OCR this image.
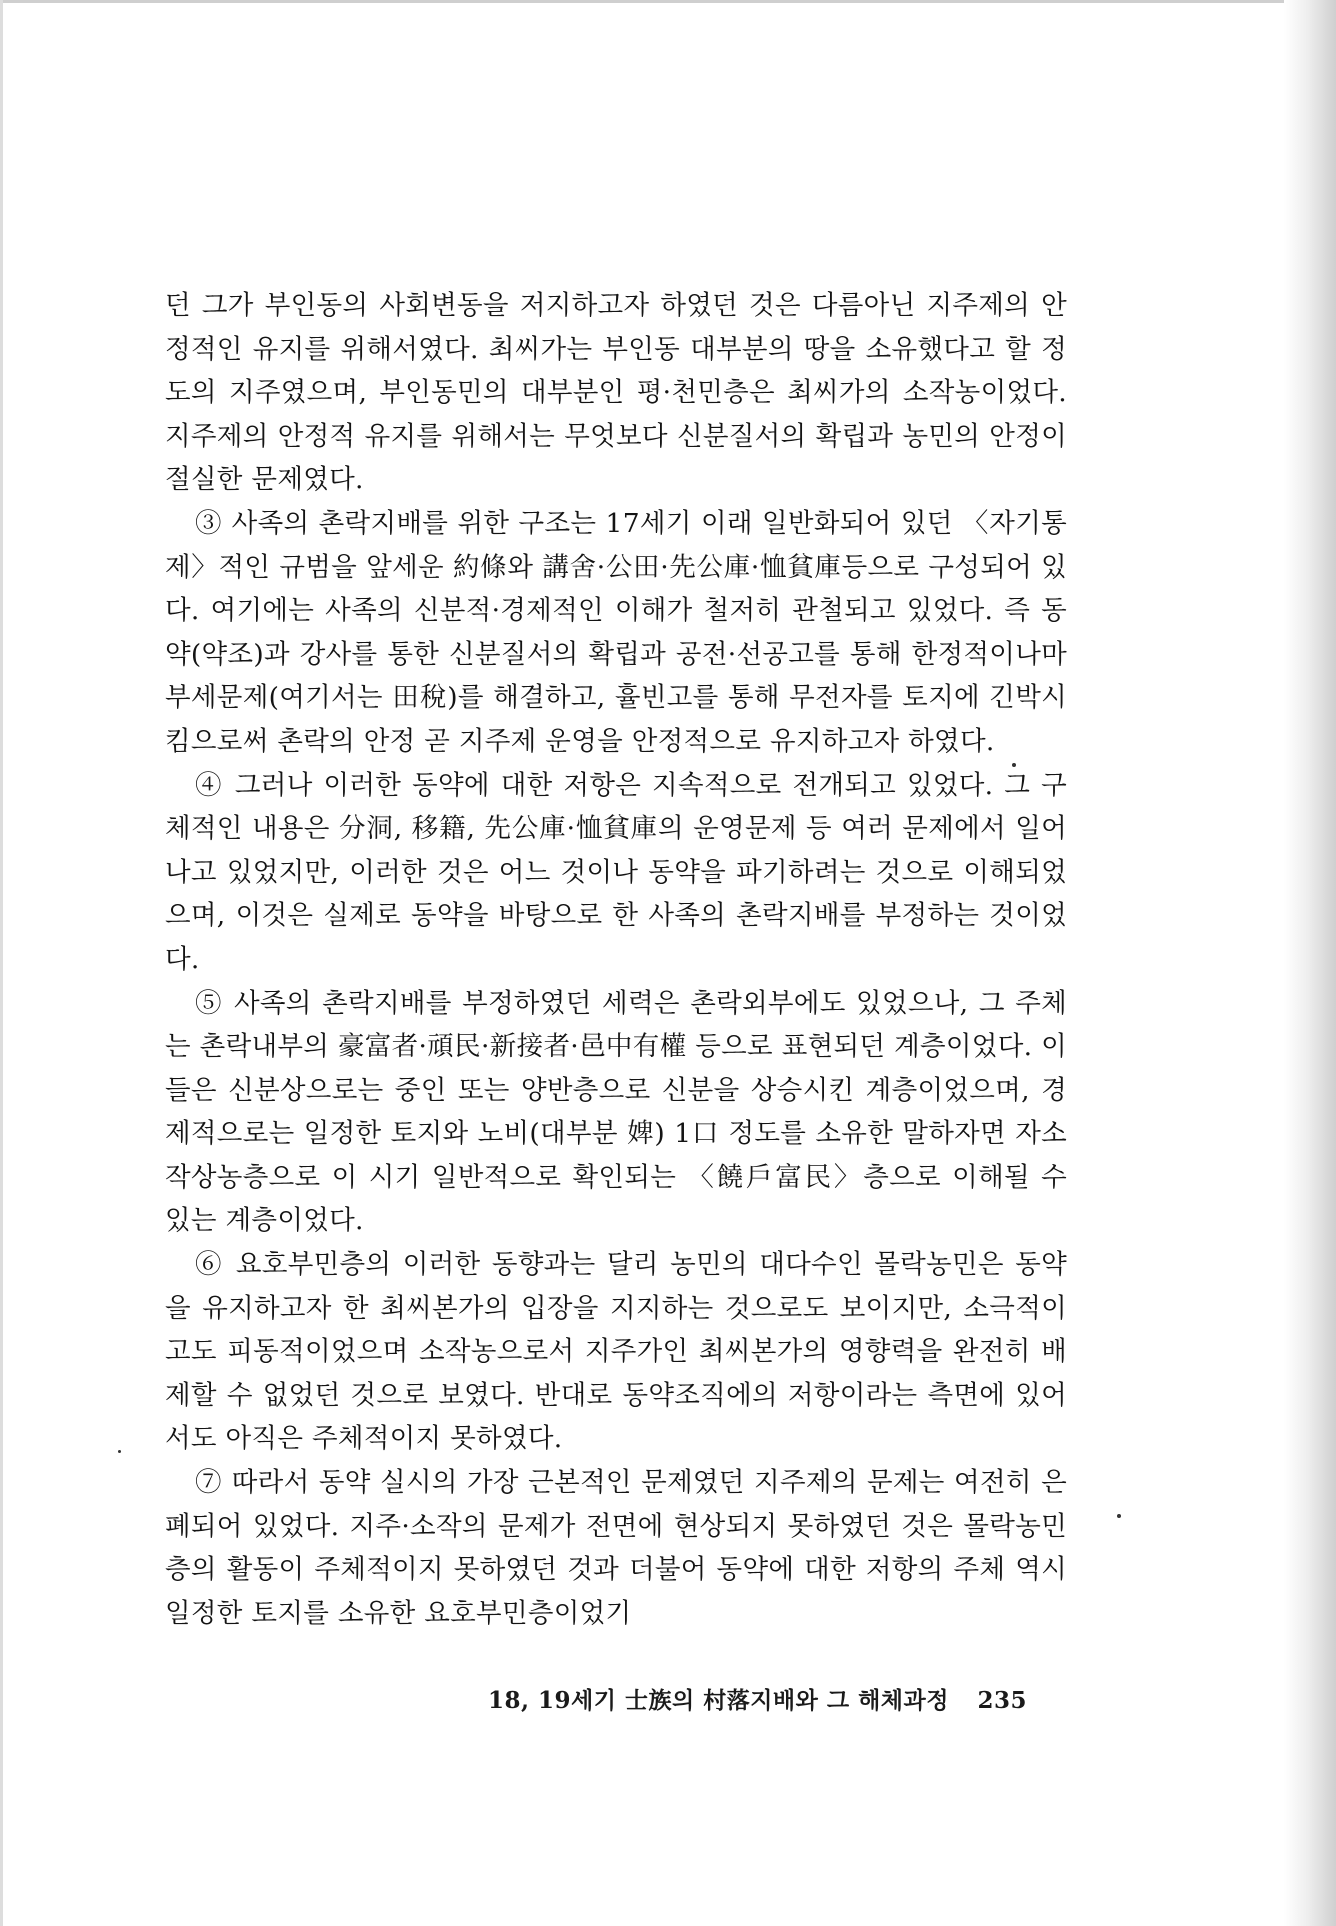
던 그가 부인동의 사회변동을 저지하고자 하였던 것은 다름아닌 지주제의 안정적인 유지를 위해서였다. 최씨가는 부인동 대부분의 땅을 소유했다고 할 정도의 지주였으며, 부인동민의 대부분인 평·천민층은 최씨가의 소작농이었다. 지주제의 안정적 유지를 위해서는 무엇보다 신분질서의 확립과 농민의 안정이 절실한 문제였다.

③ 사족의 촌락지배를 위한 구조는 17세기 이래 일반화되어 있던 〈자기통제〉적인 규범을 앞세운 約條와 講舍·公田·先公庫·恤貧庫등으로 구성되어 있다. 여기에는 사족의 신분적·경제적인 이해가 철저히 관철되고 있었다. 즉 동약(약조)과 강사를 통한 신분질서의 확립과 공전·선공고를 통해 한정적이나마 부세문제(여기서는 田稅)를 해결하고, 휼빈고를 통해 무전자를 토지에 긴박시킴으로써 촌락의 안정 곧 지주제 운영을 안정적으로 유지하고자 하였다.

④ 그러나 이러한 동약에 대한 저항은 지속적으로 전개되고 있었다. 그 구체적인 내용은 分洞, 移籍, 先公庫·恤貧庫의 운영문제 등 여러 문제에서 일어나고 있었지만, 이러한 것은 어느 것이나 동약을 파기하려는 것으로 이해되었으며, 이것은 실제로 동약을 바탕으로 한 사족의 촌락지배를 부정하는 것이었다.

⑤ 사족의 촌락지배를 부정하였던 세력은 촌락외부에도 있었으나, 그 주체는 촌락내부의 豪富者·頑民·新接者·邑中有權 등으로 표현되던 계층이었다. 이들은 신분상으로는 중인 또는 양반층으로 신분을 상승시킨 계층이었으며, 경제적으로는 일정한 토지와 노비(대부분 婢) 1口 정도를 소유한 말하자면 자소작상농층으로 이 시기 일반적으로 확인되는 〈饒戶富民〉층으로 이해될 수 있는 계층이었다.

⑥ 요호부민층의 이러한 동향과는 달리 농민의 대다수인 몰락농민은 동약을 유지하고자 한 최씨본가의 입장을 지지하는 것으로도 보이지만, 소극적이고도 피동적이었으며 소작농으로서 지주가인 최씨본가의 영향력을 완전히 배제할 수 없었던 것으로 보였다. 반대로 동약조직에의 저항이라는 측면에 있어서도 아직은 주체적이지 못하였다.

⑦ 따라서 동약 실시의 가장 근본적인 문제였던 지주제의 문제는 여전히 은폐되어 있었다. 지주·소작의 문제가 전면에 현상되지 못하였던 것은 몰락농민층의 활동이 주체적이지 못하였던 것과 더불어 동약에 대한 저항의 주체 역시 일정한 토지를 소유한 요호부민층이었기

18, 19세기 士族의 村落지배와 그 해체과정 235
